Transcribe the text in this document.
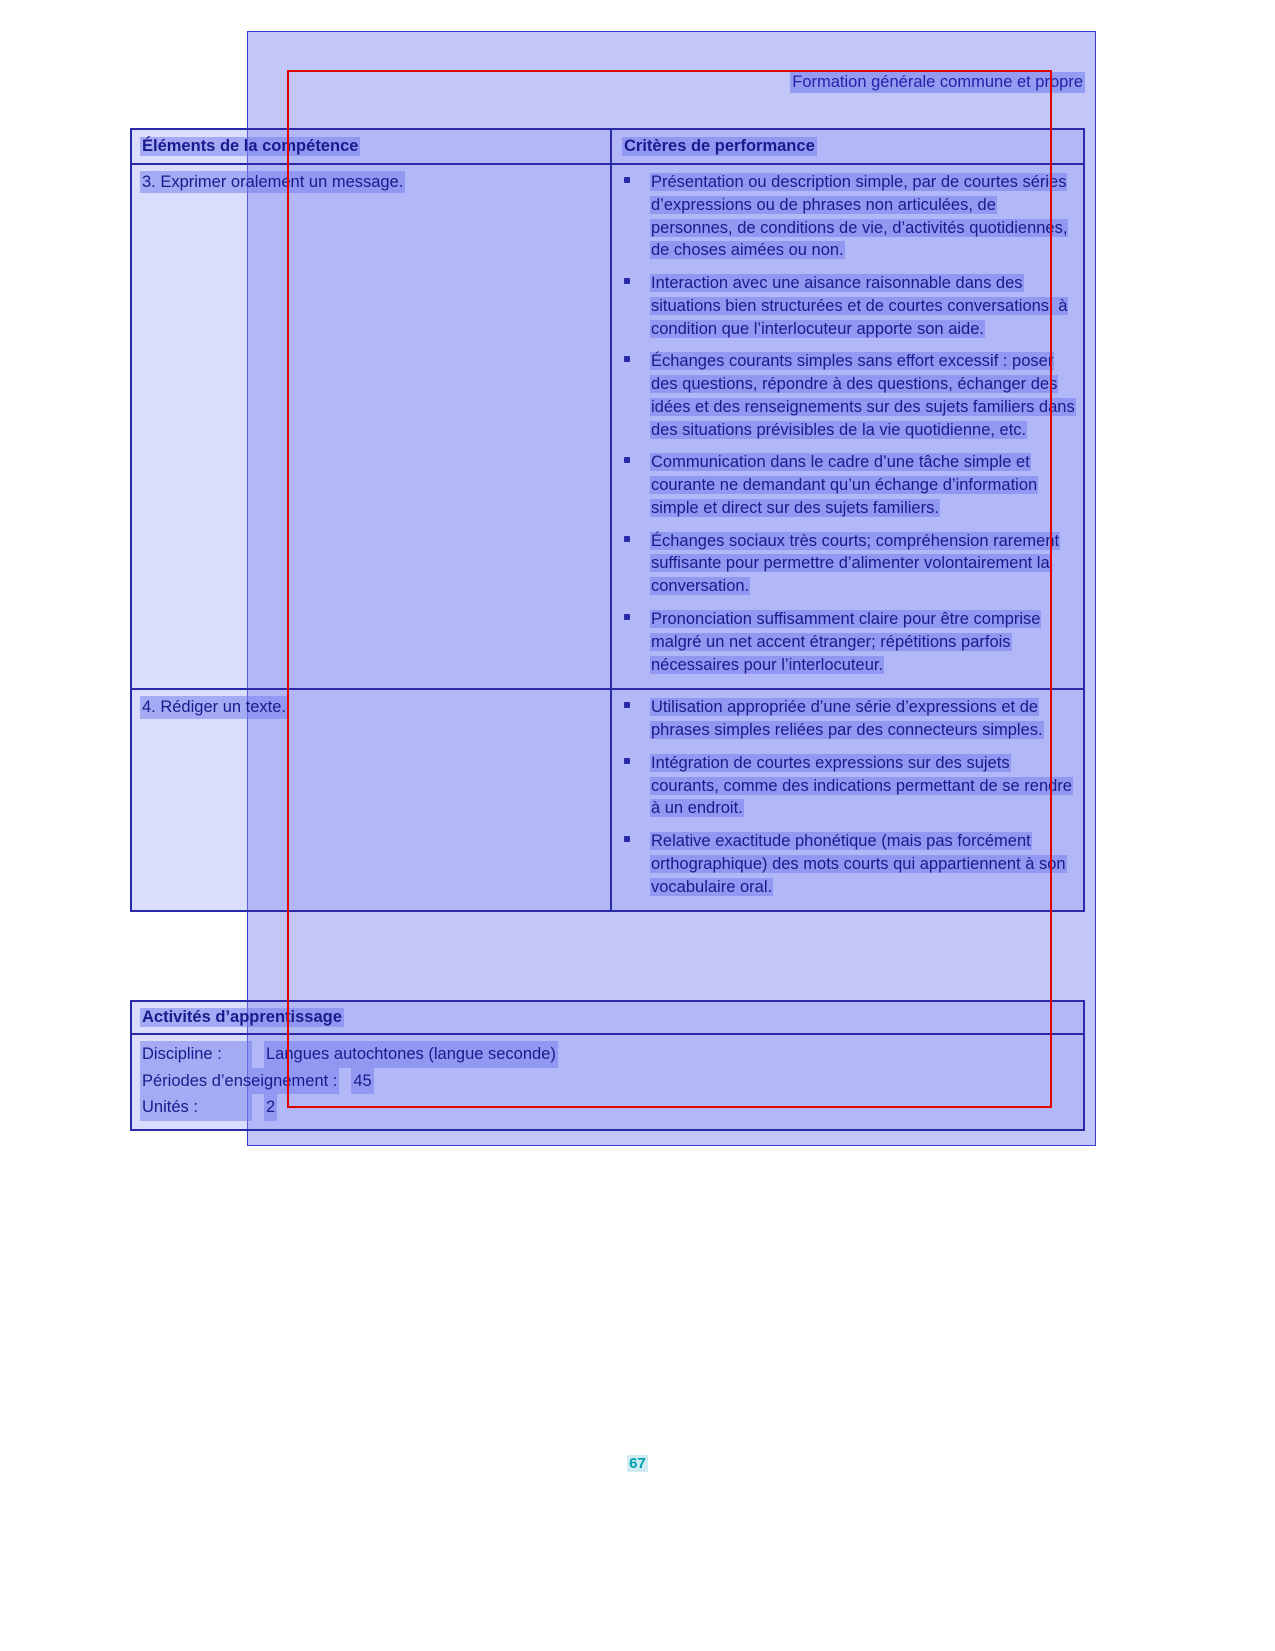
Formation générale commune et propre
Éléments de la compétence	Critères de performance
3. Exprimer oralement un message.	Présentation ou description simple, par de courtes séries d’expressions ou de phrases non articulées, de personnes, de conditions de vie, d’activités quotidiennes, de choses aimées ou non.
Interaction avec une aisance raisonnable dans des situations bien structurées et de courtes conversations, à condition que l’interlocuteur apporte son aide.
Échanges courants simples sans effort excessif : poser des questions, répondre à des questions, échanger des idées et des renseignements sur des sujets familiers dans des situations prévisibles de la vie quotidienne, etc.
Communication dans le cadre d’une tâche simple et courante ne demandant qu’un échange d’information simple et direct sur des sujets familiers.
Échanges sociaux très courts; compréhension rarement suffisante pour permettre d’alimenter volontairement la conversation.
Prononciation suffisamment claire pour être comprise malgré un net accent étranger; répétitions parfois nécessaires pour l’interlocuteur.
4. Rédiger un texte.	Utilisation appropriée d’une série d’expressions et de phrases simples reliées par des connecteurs simples.
Intégration de courtes expressions sur des sujets courants, comme des indications permettant de se rendre à un endroit.
Relative exactitude phonétique (mais pas forcément orthographique) des mots courts qui appartiennent à son vocabulaire oral.
Activités d’apprentissage
Discipline :	Langues autochtones (langue seconde)
Périodes d’enseignement : 45
Unités :	2
67
